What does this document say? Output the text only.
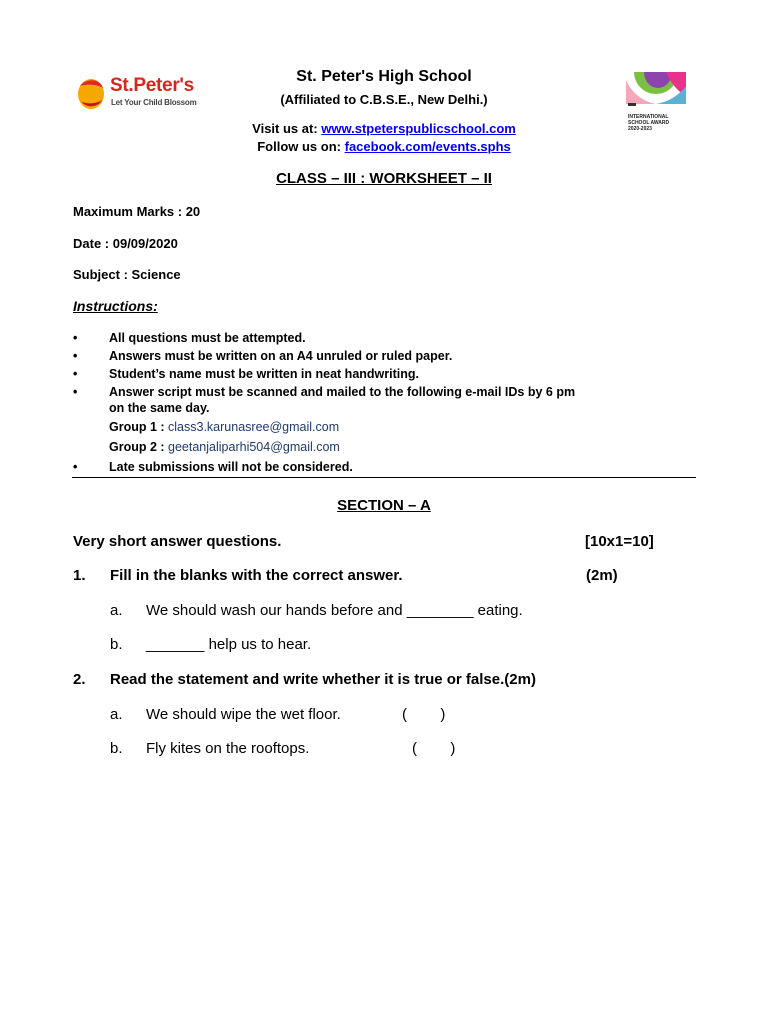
St.Peter's
Let Your Child Blossom
INTERNATIONAL
SCHOOL AWARD
2020-2023
St. Peter's High School
(Affiliated to C.B.S.E., New Delhi.)
Visit us at: www.stpeterspublicschool.com
Follow us on: facebook.com/events.sphs
CLASS – III : WORKSHEET – II
Maximum Marks : 20
Date : 09/09/2020
Subject : Science
Instructions:
•	All questions must be attempted.
•	Answers must be written on an A4 unruled or ruled paper.
•	Student’s name must be written in neat handwriting.
•	Answer script must be scanned and mailed to the following e-mail IDs by 6 pm
on the same day.
Group 1 : class3.karunasree@gmail.com
Group 2 : geetanjaliparhi504@gmail.com
•	Late submissions will not be considered.
SECTION – A
Very short answer questions.	[10x1=10]
1. Fill in the blanks with the correct answer.	(2m)
a. We should wash our hands before and ________ eating.
b. _______ help us to hear.
2. Read the statement and write whether it is true or false.(2m)
a. We should wipe the wet floor.	(        )
b. Fly kites on the rooftops.	(        )
